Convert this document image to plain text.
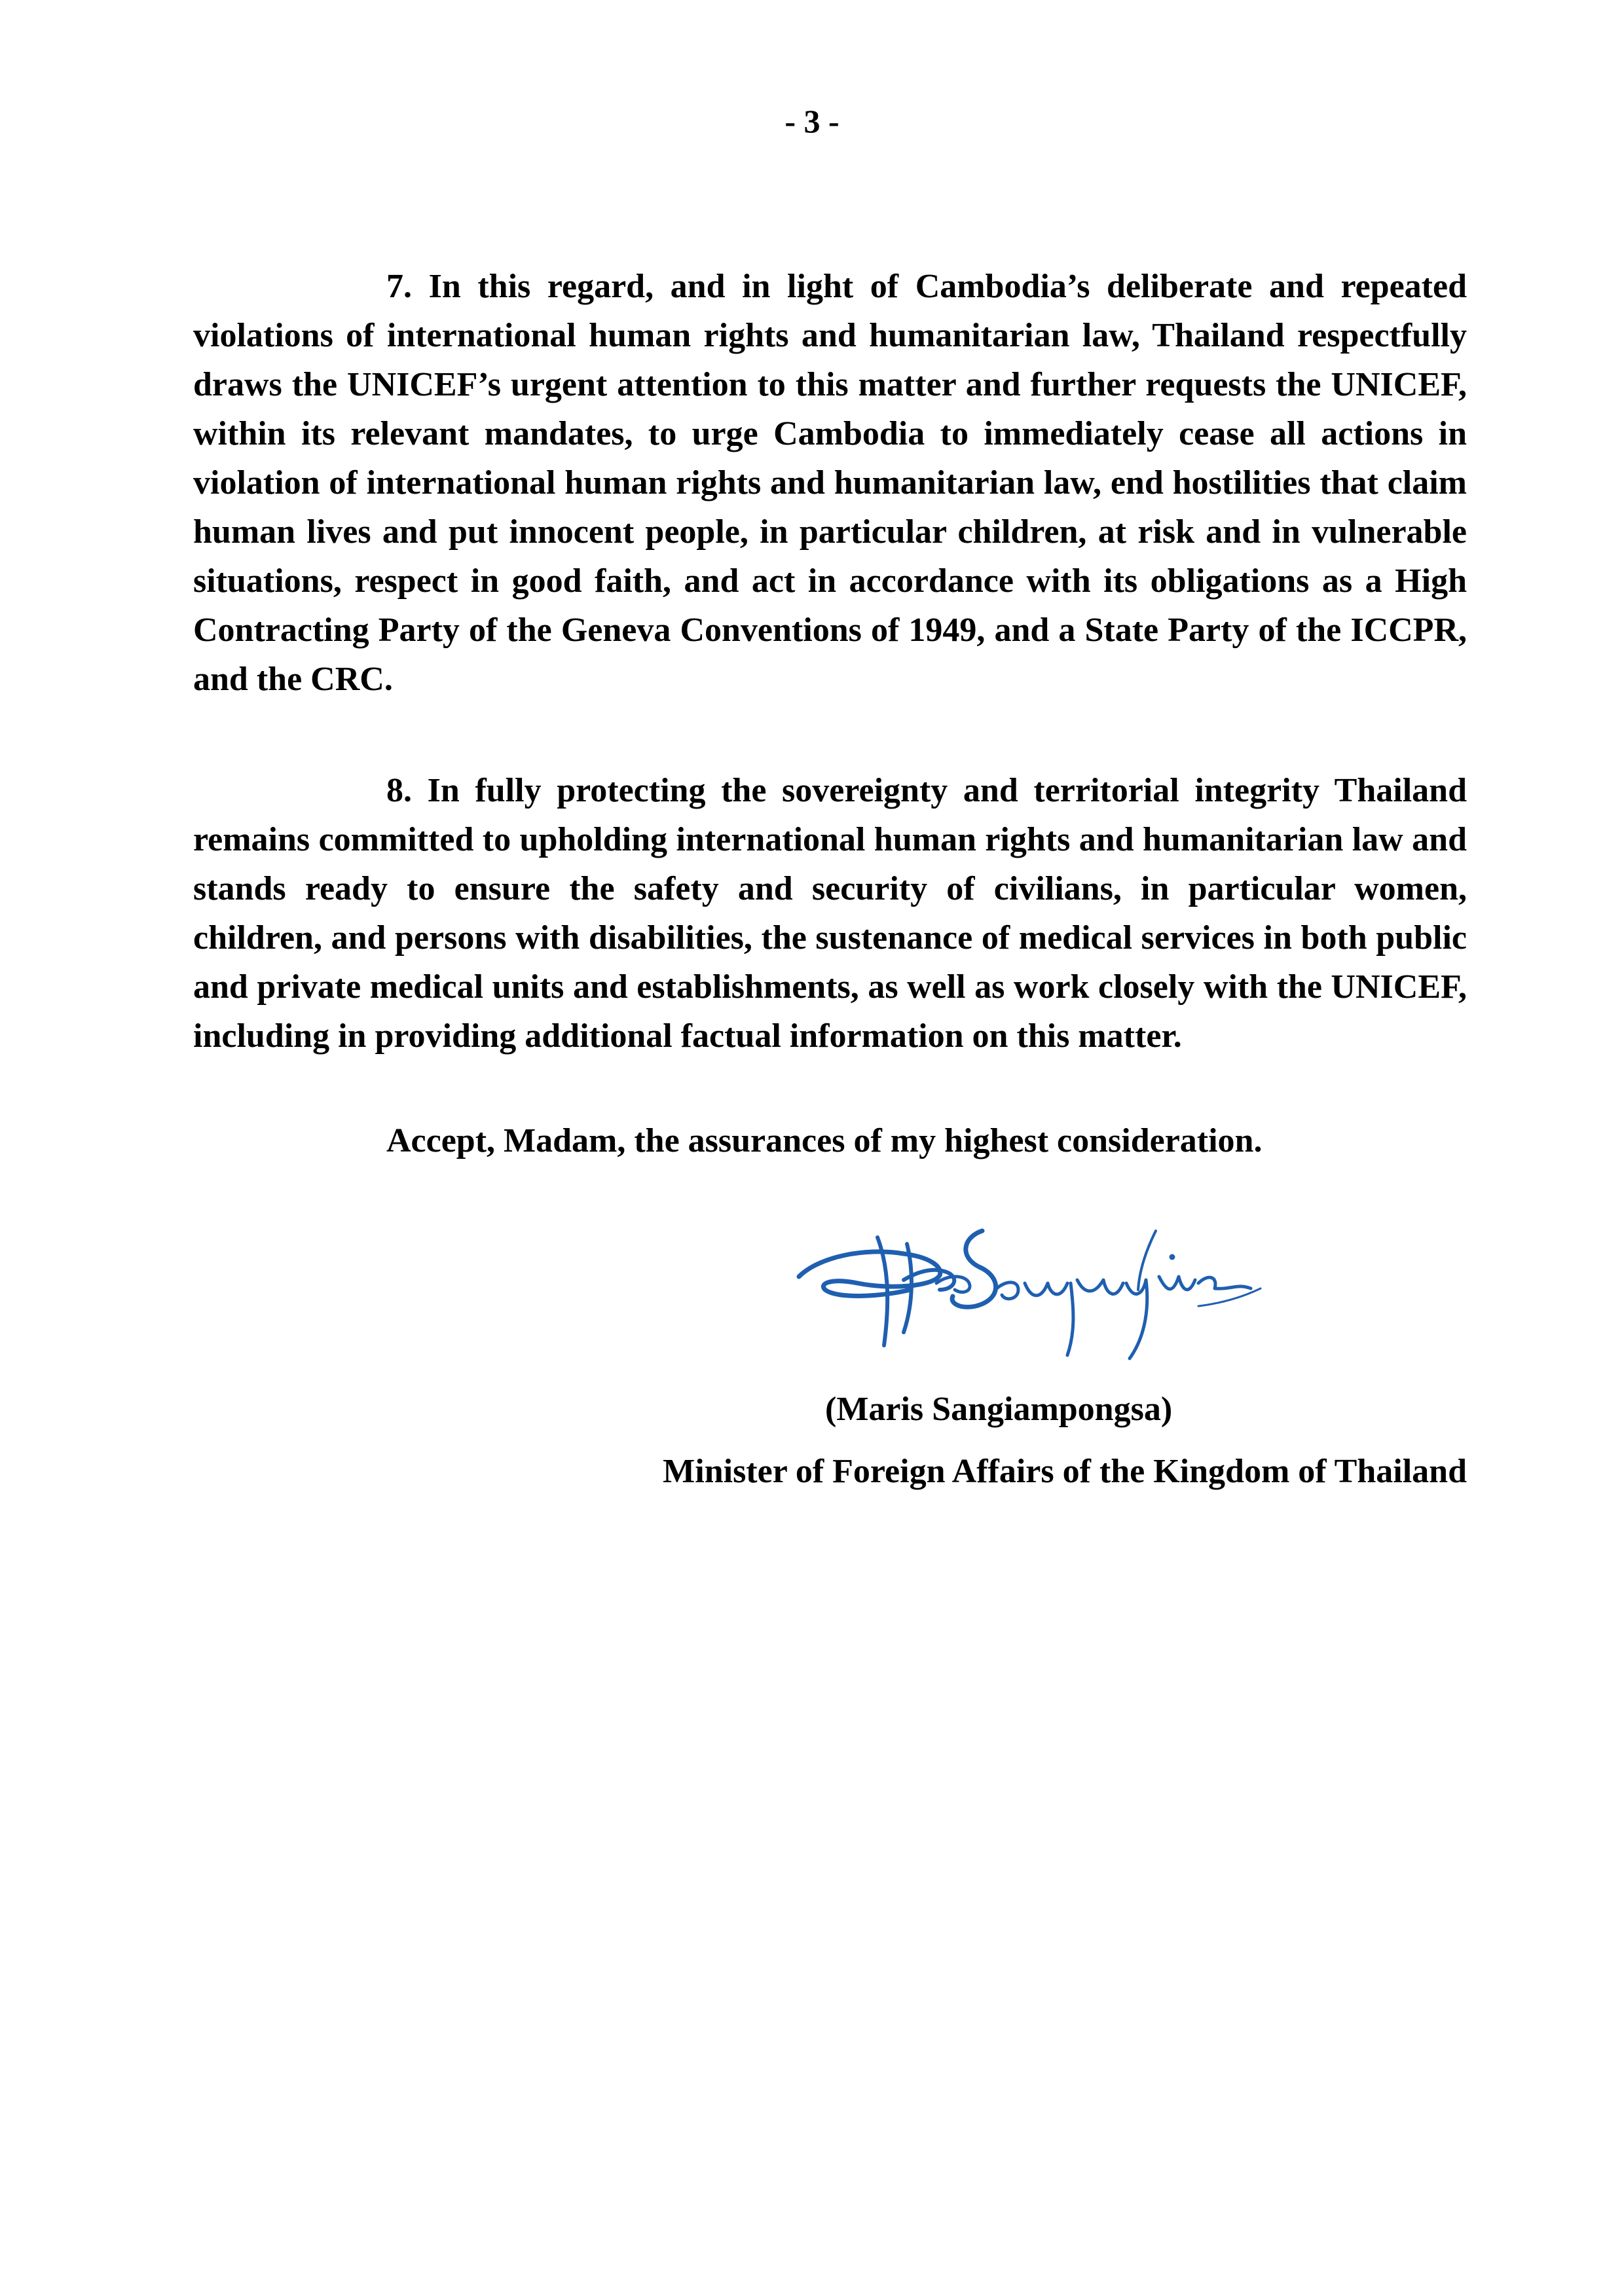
- 3 -

7. In this regard, and in light of Cambodia’s deliberate and repeated violations of international human rights and humanitarian law, Thailand respectfully draws the UNICEF’s urgent attention to this matter and further requests the UNICEF, within its relevant mandates, to urge Cambodia to immediately cease all actions in violation of international human rights and humanitarian law, end hostilities that claim human lives and put innocent people, in particular children, at risk and in vulnerable situations, respect in good faith, and act in accordance with its obligations as a High Contracting Party of the Geneva Conventions of 1949, and a State Party of the ICCPR, and the CRC.

8. In fully protecting the sovereignty and territorial integrity Thailand remains committed to upholding international human rights and humanitarian law and stands ready to ensure the safety and security of civilians, in particular women, children, and persons with disabilities, the sustenance of medical services in both public and private medical units and establishments, as well as work closely with the UNICEF, including in providing additional factual information on this matter.

Accept, Madam, the assurances of my highest consideration.
(Maris Sangiampongsa)
Minister of Foreign Affairs of the Kingdom of Thailand
